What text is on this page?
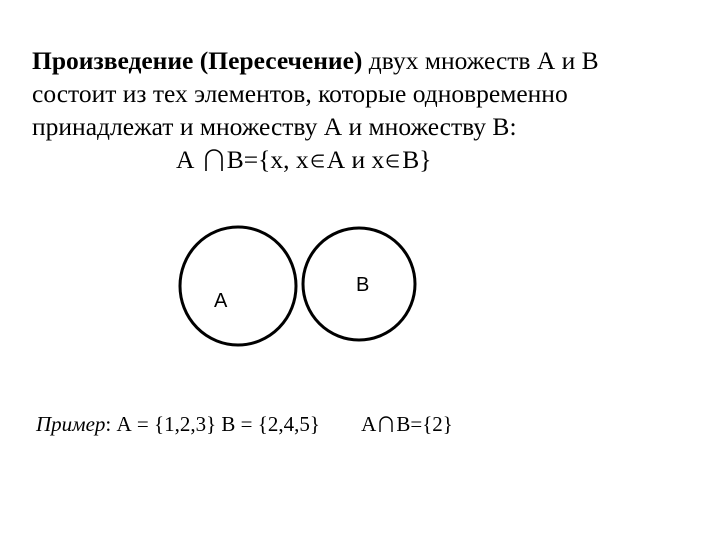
Произведение (Пересечение) двух множеств А и В
состоит из тех элементов, которые одновременно
принадлежат и множеству А и множеству В:

А В={x, x А и x В}
A
B
Пример: А = {1,2,3} В = {2,4,5} А В={2}
